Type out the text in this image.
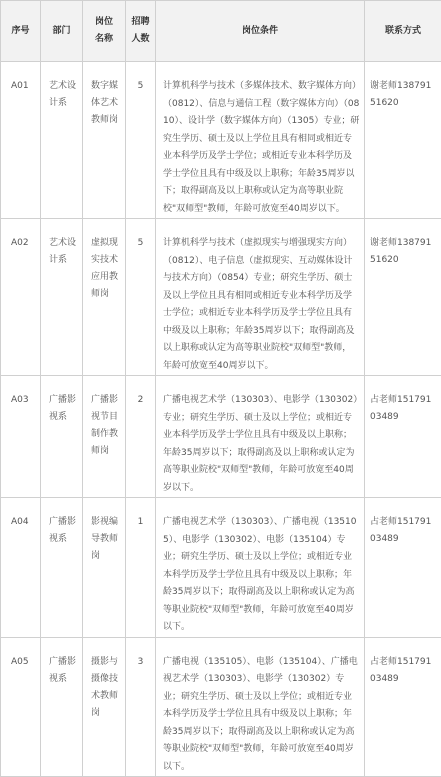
序号	部门	岗位名称	招聘人数	岗位条件	联系方式

A01	艺术设计系	数字媒体艺术教师岗	5	计算机科学与技术（多媒体技术、数字媒体方向）（0812）、信息与通信工程（数字媒体方向）（0810）、设计学（数字媒体方向）（1305）专业；研究生学历、硕士及以上学位且具有相同或相近专业本科学历及学士学位；或相近专业本科学历及学士学位且具有中级及以上职称；年龄35周岁以下；取得副高及以上职称或认定为高等职业院校"双师型"教师，年龄可放宽至40周岁以下。	谢老师13879151620

A02	艺术设计系	虚拟现实技术应用教师岗	5	计算机科学与技术（虚拟现实与增强现实方向）（0812）、电子信息（虚拟现实、互动媒体设计与技术方向）（0854）专业；研究生学历、硕士及以上学位且具有相同或相近专业本科学历及学士学位；或相近专业本科学历及学士学位且具有中级及以上职称；年龄35周岁以下；取得副高及以上职称或认定为高等职业院校"双师型"教师，年龄可放宽至40周岁以下。	谢老师13879151620

A03	广播影视系	广播影视节目制作教师岗	2	广播电视艺术学（130303）、电影学（130302）专业；研究生学历、硕士及以上学位；或相近专业本科学历及学士学位且具有中级及以上职称；年龄35周岁以下；取得副高及以上职称或认定为高等职业院校"双师型"教师，年龄可放宽至40周岁以下。	占老师15179103489

A04	广播影视系	影视编导教师岗	1	广播电视艺术学（130303）、广播电视（135105）、电影学（130302）、电影（135104）专业；研究生学历、硕士及以上学位；或相近专业本科学历及学士学位且具有中级及以上职称；年龄35周岁以下；取得副高及以上职称或认定为高等职业院校"双师型"教师，年龄可放宽至40周岁以下。	占老师15179103489

A05	广播影视系	摄影与摄像技术教师岗	3	广播电视（135105）、电影（135104）、广播电视艺术学（130303）、电影学（130302）专业；研究生学历、硕士及以上学位；或相近专业本科学历及学士学位且具有中级及以上职称；年龄35周岁以下；取得副高及以上职称或认定为高等职业院校"双师型"教师，年龄可放宽至40周岁以下。	占老师15179103489
